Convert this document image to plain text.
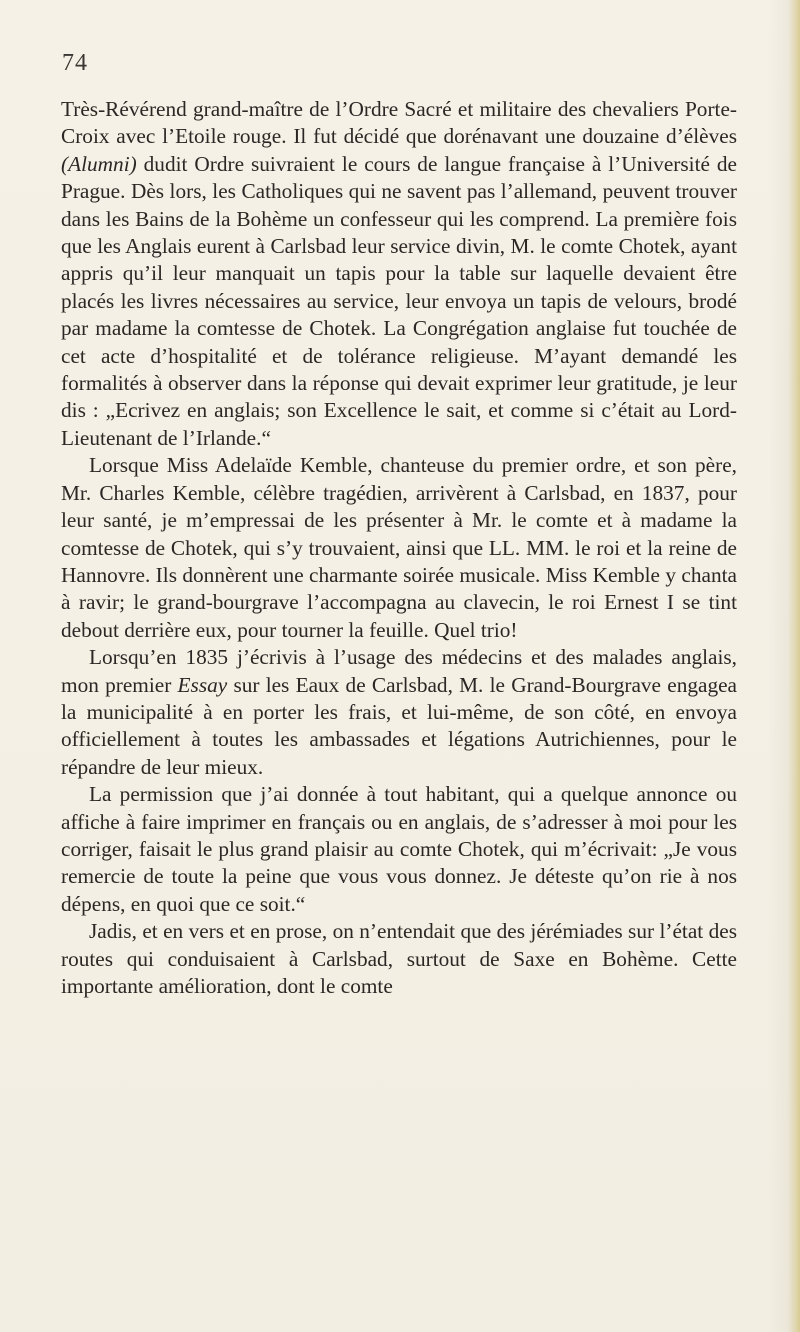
74

Très-Révérend grand-maître de l’Ordre Sacré et militaire des chevaliers Porte-Croix avec l’Etoile rouge. Il fut décidé que dorénavant une douzaine d’élèves (Alumni) dudit Ordre suivraient le cours de langue française à l’Université de Prague. Dès lors, les Catholiques qui ne savent pas l’allemand, peuvent trouver dans les Bains de la Bohème un confesseur qui les comprend. La première fois que les Anglais eurent à Carlsbad leur service divin, M. le comte Chotek, ayant appris qu’il leur manquait un tapis pour la table sur laquelle devaient être placés les livres nécessaires au service, leur envoya un tapis de velours, brodé par madame la comtesse de Chotek. La Congrégation anglaise fut touchée de cet acte d’hospitalité et de tolérance religieuse. M’ayant demandé les formalités à observer dans la réponse qui devait exprimer leur gratitude, je leur dis : „Ecrivez en anglais; son Excellence le sait, et comme si c’était au Lord-Lieutenant de l’Irlande.“

Lorsque Miss Adelaïde Kemble, chanteuse du premier ordre, et son père, Mr. Charles Kemble, célèbre tragédien, arrivèrent à Carlsbad, en 1837, pour leur santé, je m’empressai de les présenter à Mr. le comte et à madame la comtesse de Chotek, qui s’y trouvaient, ainsi que LL. MM. le roi et la reine de Hannovre. Ils donnèrent une charmante soirée musicale. Miss Kemble y chanta à ravir; le grand-bourgrave l’accompagna au clavecin, le roi Ernest I se tint debout derrière eux, pour tourner la feuille. Quel trio!

Lorsqu’en 1835 j’écrivis à l’usage des médecins et des malades anglais, mon premier Essay sur les Eaux de Carlsbad, M. le Grand-Bourgrave engagea la municipalité à en porter les frais, et lui-même, de son côté, en envoya officiellement à toutes les ambassades et légations Autrichiennes, pour le répandre de leur mieux.

La permission que j’ai donnée à tout habitant, qui a quelque annonce ou affiche à faire imprimer en français ou en anglais, de s’adresser à moi pour les corriger, faisait le plus grand plaisir au comte Chotek, qui m’écrivait: „Je vous remercie de toute la peine que vous vous donnez. Je déteste qu’on rie à nos dépens, en quoi que ce soit.“

Jadis, et en vers et en prose, on n’entendait que des jérémiades sur l’état des routes qui conduisaient à Carlsbad, surtout de Saxe en Bohème. Cette importante amélioration, dont le comte
